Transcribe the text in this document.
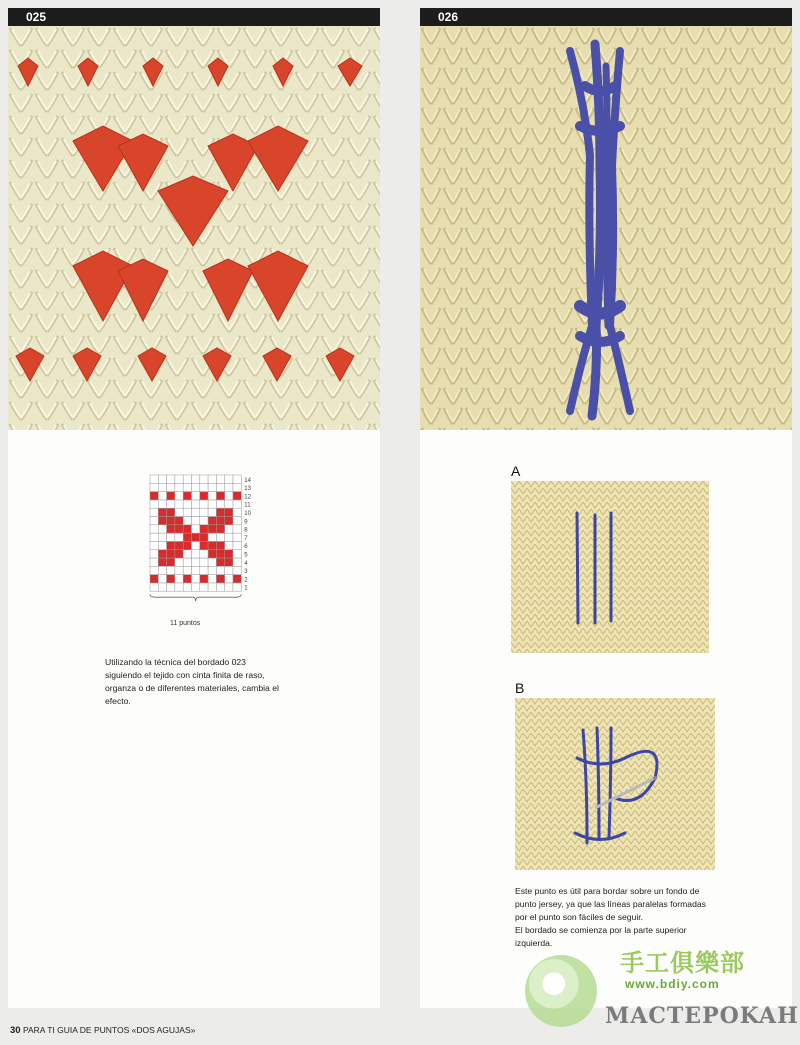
025
1
2
3
4
5
6
7
8
9
10
11
12
13
14
11 puntos
Utilizando la técnica del bordado 023 siguiendo el tejido con cinta finita de raso, organza o de diferentes materiales, cambia el efecto.
026
A
B
Este punto es útil para bordar sobre un fondo de punto jersey, ya que las líneas paralelas formadas por el punto son fáciles de seguir.
El bordado se comienza por la parte superior izquierda.
手工俱樂部
www.bdiy.com
MACTEPOKAH
30 PARA TI GUIA DE PUNTOS «DOS AGUJAS»
